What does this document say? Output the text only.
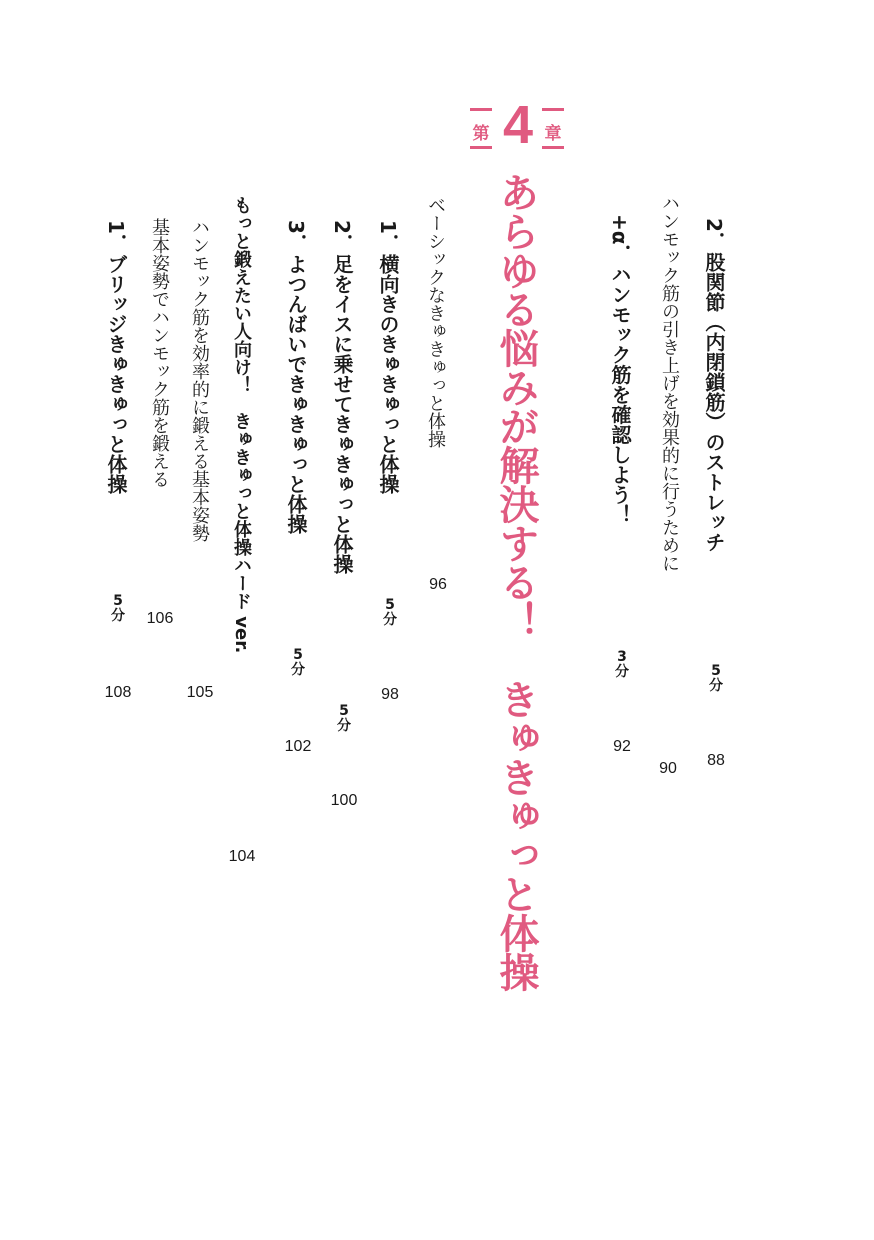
2．股関節（内閉鎖筋）のストレッチ
5
分
88
ハンモック筋の引き上げを効果的に行うために
90
+α．ハンモック筋を確認しよう！
3
分
92
第 4 章
あらゆる悩みが解決する！　きゅきゅっと体操
ベーシックなきゅきゅっと体操
96
1．横向きのきゅきゅっと体操
5
分
98
2．足をイスに乗せてきゅきゅっと体操
5
分
100
3．よつんばいできゅきゅっと体操
5
分
102
もっと鍛えたい人向け！　きゅきゅっと体操ハード ver.
104
ハンモック筋を効率的に鍛える基本姿勢
105
基本姿勢でハンモック筋を鍛える
106
1．ブリッジきゅきゅっと体操
5
分
108
